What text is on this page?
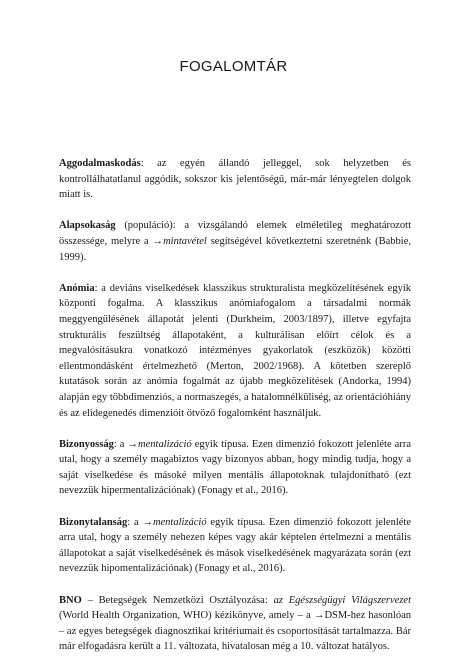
FOGALOMTÁR

Aggodalmaskodás: az egyén állandó jelleggel, sok helyzetben és kontrollálhatatlanul aggódik, sokszor kis jelentőségű, már-már lényegtelen dolgok miatt is.

Alapsokaság (populáció): a vizsgálandó elemek elméletileg meghatározott összessége, melyre a →mintavétel segítségével következtetni szeretnénk (Babbie, 1999).

Anómia: a deviáns viselkedések klasszikus strukturalista megközelítésének egyik központi fogalma. A klasszikus anómiafogalom a társadalmi normák meggyengülésének állapotát jelenti (Durkheim, 2003/1897), illetve egyfajta strukturális feszültség állapotaként, a kulturálisan előírt célok és a megvalósításukra vonatkozó intézményes gyakorlatok (eszközök) közötti ellentmondásként értelmezhető (Merton, 2002/1968). A kötetben szereplő kutatások során az anómia fogalmát az újabb megközelítések (Andorka, 1994) alapján egy többdimenziós, a normaszegés, a hatalomnélküliség, az orientációhiány és az elidegenedés dimenzióit ötvöző fogalomként használjuk.

Bizonyosság: a →mentalizáció egyik típusa. Ezen dimenzió fokozott jelenléte arra utal, hogy a személy magabiztos vagy bizonyos abban, hogy mindig tudja, hogy a saját viselkedése és másoké milyen mentális állapotoknak tulajdonítható (ezt nevezzük hipermentalizációnak) (Fonagy et al., 2016).

Bizonytalanság: a →mentalizáció egyik típusa. Ezen dimenzió fokozott jelenléte arra utal, hogy a személy nehezen képes vagy akár képtelen értelmezni a mentális állapotokat a saját viselkedésének és mások viselkedésének magyarázata során (ezt nevezzük hipomentalizációnak) (Fonagy et al., 2016).

BNO – Betegségek Nemzetközi Osztályozása: az Egészségügyi Világszervezet (World Health Organization, WHO) kézikönyve, amely – a →DSM-hez hasonlóan – az egyes betegségek diagnosztikai kritériumait és csoportosítását tartalmazza. Bár már elfogadásra került a 11. változata, hivatalosan még a 10. változat hatályos.
